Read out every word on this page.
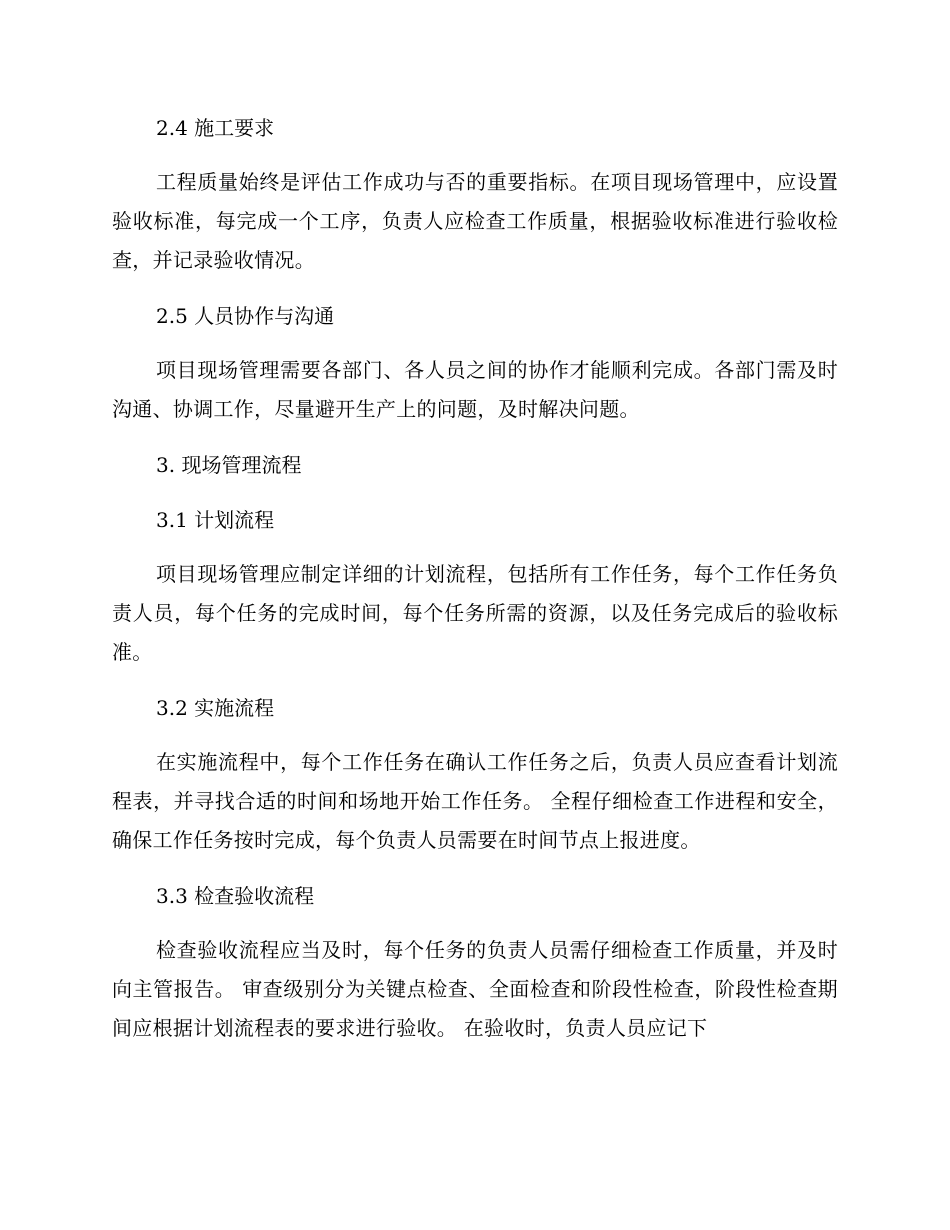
2.4 施工要求

工程质量始终是评估工作成功与否的重要指标。在项目现场管理中，应设置验收标准，每完成一个工序，负责人应检查工作质量，根据验收标准进行验收检查，并记录验收情况。

2.5 人员协作与沟通

项目现场管理需要各部门、各人员之间的协作才能顺利完成。各部门需及时沟通、协调工作，尽量避开生产上的问题，及时解决问题。

3. 现场管理流程
3.1 计划流程

项目现场管理应制定详细的计划流程，包括所有工作任务，每个工作任务负责人员，每个任务的完成时间，每个任务所需的资源，以及任务完成后的验收标准。

3.2 实施流程

在实施流程中，每个工作任务在确认工作任务之后，负责人员应查看计划流程表，并寻找合适的时间和场地开始工作任务。 全程仔细检查工作进程和安全，确保工作任务按时完成，每个负责人员需要在时间节点上报进度。

3.3 检查验收流程

检查验收流程应当及时，每个任务的负责人员需仔细检查工作质量，并及时向主管报告。 审查级别分为关键点检查、全面检查和阶段性检查，阶段性检查期间应根据计划流程表的要求进行验收。 在验收时，负责人员应记下
